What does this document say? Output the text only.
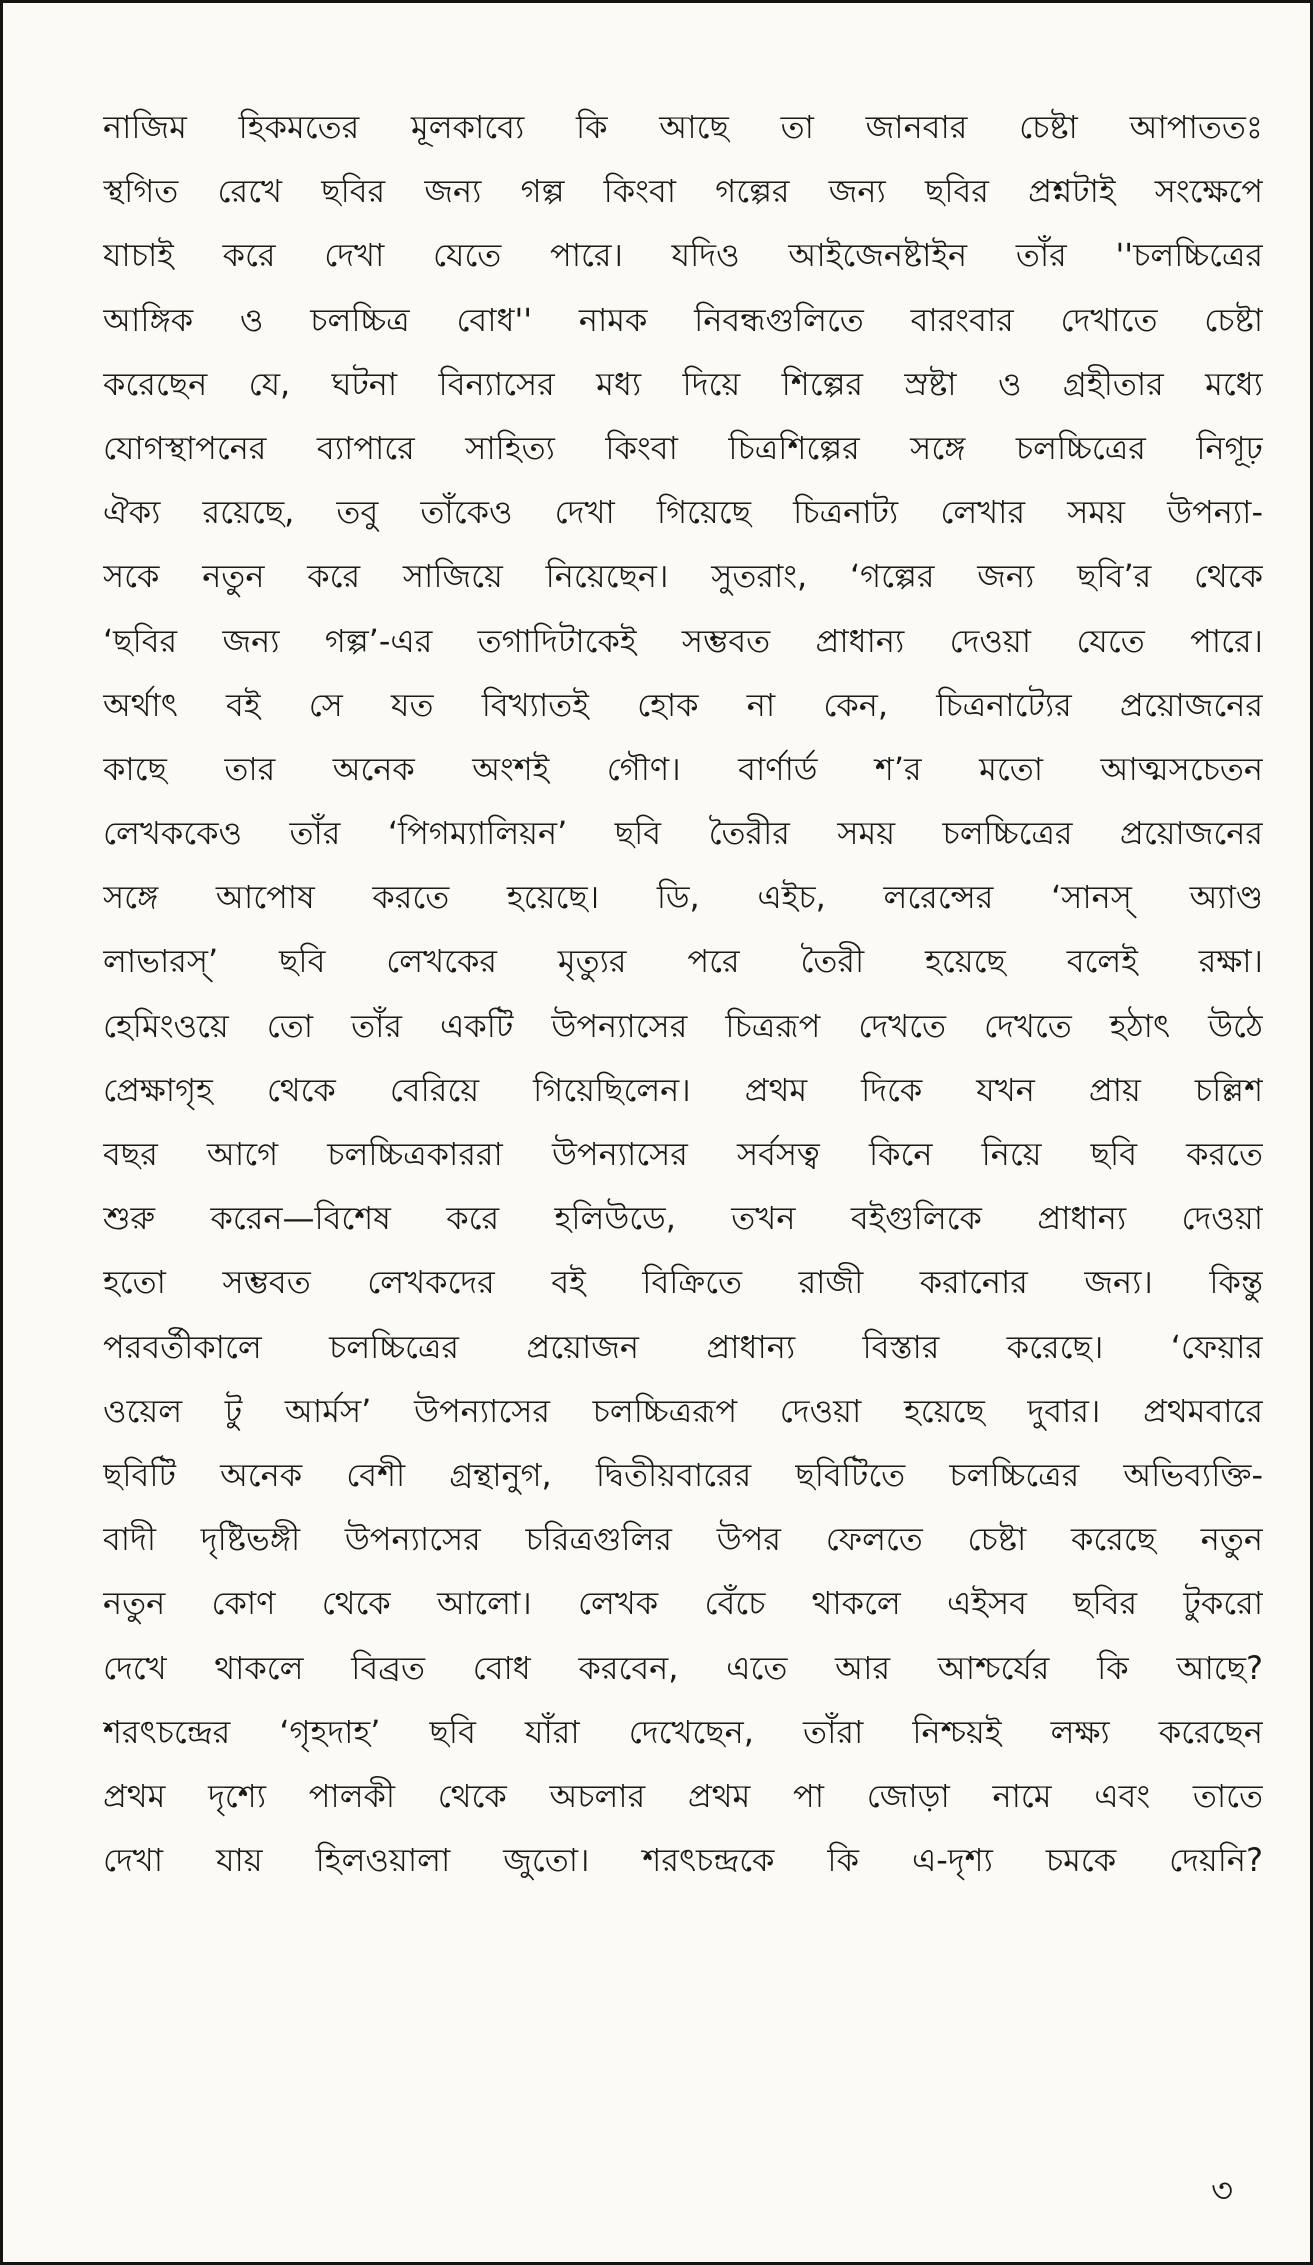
নাজিম হিকমতের মূলকাব্যে কি আছে তা জানবার চেষ্টা আপাততঃ
স্থগিত রেখে ছবির জন্য গল্প কিংবা গল্পের জন্য ছবির প্রশ্নটাই সংক্ষেপে
যাচাই করে দেখা যেতে পারে। যদিও আইজেনষ্টাইন তাঁর ''চলচ্চিত্রের
আঙ্গিক ও চলচ্চিত্র বোধ'' নামক নিবন্ধগুলিতে বারংবার দেখাতে চেষ্টা
করেছেন যে, ঘটনা বিন্যাসের মধ্য দিয়ে শিল্পের স্রষ্টা ও গ্রহীতার মধ্যে
যোগস্থাপনের ব্যাপারে সাহিত্য কিংবা চিত্রশিল্পের সঙ্গে চলচ্চিত্রের নিগূঢ়
ঐক্য রয়েছে, তবু তাঁকেও দেখা গিয়েছে চিত্রনাট্য লেখার সময় উপন্যা-
সকে নতুন করে সাজিয়ে নিয়েছেন। সুতরাং, ‘গল্পের জন্য ছবি’র থেকে
‘ছবির জন্য গল্প’-এর তগাদিটাকেই সম্ভবত প্রাধান্য দেওয়া যেতে পারে।
অর্থাৎ বই সে যত বিখ্যাতই হোক না কেন, চিত্রনাট্যের প্রয়োজনের
কাছে তার অনেক অংশই গৌণ। বার্ণার্ড শ’র মতো আত্মসচেতন
লেখককেও তাঁর ‘পিগম্যালিয়ন’ ছবি তৈরীর সময় চলচ্চিত্রের প্রয়োজনের
সঙ্গে আপোষ করতে হয়েছে। ডি, এইচ, লরেন্সের ‘সানস্ অ্যাণ্ড
লাভারস্’ ছবি লেখকের মৃত্যুর পরে তৈরী হয়েছে বলেই রক্ষা।
হেমিংওয়ে তো তাঁর একটি উপন্যাসের চিত্ররূপ দেখতে দেখতে হঠাৎ উঠে
প্রেক্ষাগৃহ থেকে বেরিয়ে গিয়েছিলেন। প্রথম দিকে যখন প্রায় চল্লিশ
বছর আগে চলচ্চিত্রকাররা উপন্যাসের সর্বসত্ব কিনে নিয়ে ছবি করতে
শুরু করেন—বিশেষ করে হলিউডে, তখন বইগুলিকে প্রাধান্য দেওয়া
হতো সম্ভবত লেখকদের বই বিক্রিতে রাজী করানোর জন্য। কিন্তু
পরবর্তীকালে চলচ্চিত্রের প্রয়োজন প্রাধান্য বিস্তার করেছে। ‘ফেয়ার
ওয়েল টু আর্মস’ উপন্যাসের চলচ্চিত্ররূপ দেওয়া হয়েছে দুবার। প্রথমবারে
ছবিটি অনেক বেশী গ্রন্থানুগ, দ্বিতীয়বারের ছবিটিতে চলচ্চিত্রের অভিব্যক্তি-
বাদী দৃষ্টিভঙ্গী উপন্যাসের চরিত্রগুলির উপর ফেলতে চেষ্টা করেছে নতুন
নতুন কোণ থেকে আলো। লেখক বেঁচে থাকলে এইসব ছবির টুকরো
দেখে থাকলে বিব্রত বোধ করবেন, এতে আর আশ্চর্যের কি আছে?
শরৎচন্দ্রের ‘গৃহদাহ’ ছবি যাঁরা দেখেছেন, তাঁরা নিশ্চয়ই লক্ষ্য করেছেন
প্রথম দৃশ্যে পালকী থেকে অচলার প্রথম পা জোড়া নামে এবং তাতে
দেখা যায় হিলওয়ালা জুতো। শরৎচন্দ্রকে কি এ-দৃশ্য চমকে দেয়নি?
৩
